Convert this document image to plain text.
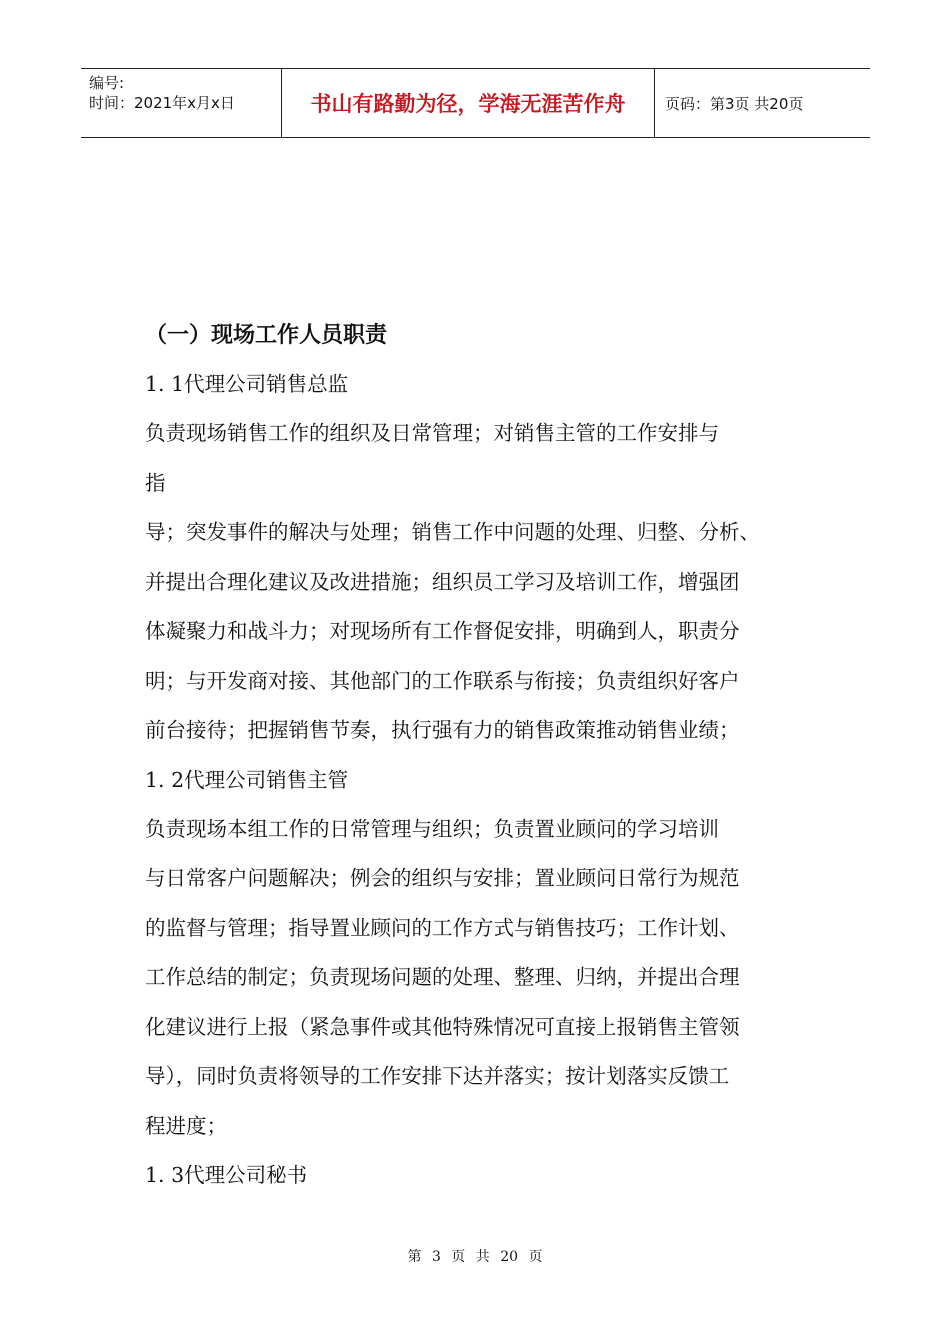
编号:
时间：2021年x月x日	书山有路勤为径，学海无涯苦作舟	页码：第3页 共20页
（一）现场工作人员职责

1. 1代理公司销售总监

负责现场销售工作的组织及日常管理；对销售主管的工作安排与

指

导；突发事件的解决与处理；销售工作中问题的处理、归整、分析、

并提出合理化建议及改进措施；组织员工学习及培训工作，增强团

体凝聚力和战斗力；对现场所有工作督促安排，明确到人，职责分

明；与开发商对接、其他部门的工作联系与衔接；负责组织好客户

前台接待；把握销售节奏，执行强有力的销售政策推动销售业绩；

1. 2代理公司销售主管

负责现场本组工作的日常管理与组织；负责置业顾问的学习培训

与日常客户问题解决；例会的组织与安排；置业顾问日常行为规范

的监督与管理；指导置业顾问的工作方式与销售技巧；工作计划、

工作总结的制定；负责现场问题的处理、整理、归纳，并提出合理

化建议进行上报（紧急事件或其他特殊情况可直接上报销售主管领

导），同时负责将领导的工作安排下达并落实；按计划落实反馈工

程进度；

1. 3代理公司秘书

第 3 页 共 20 页
